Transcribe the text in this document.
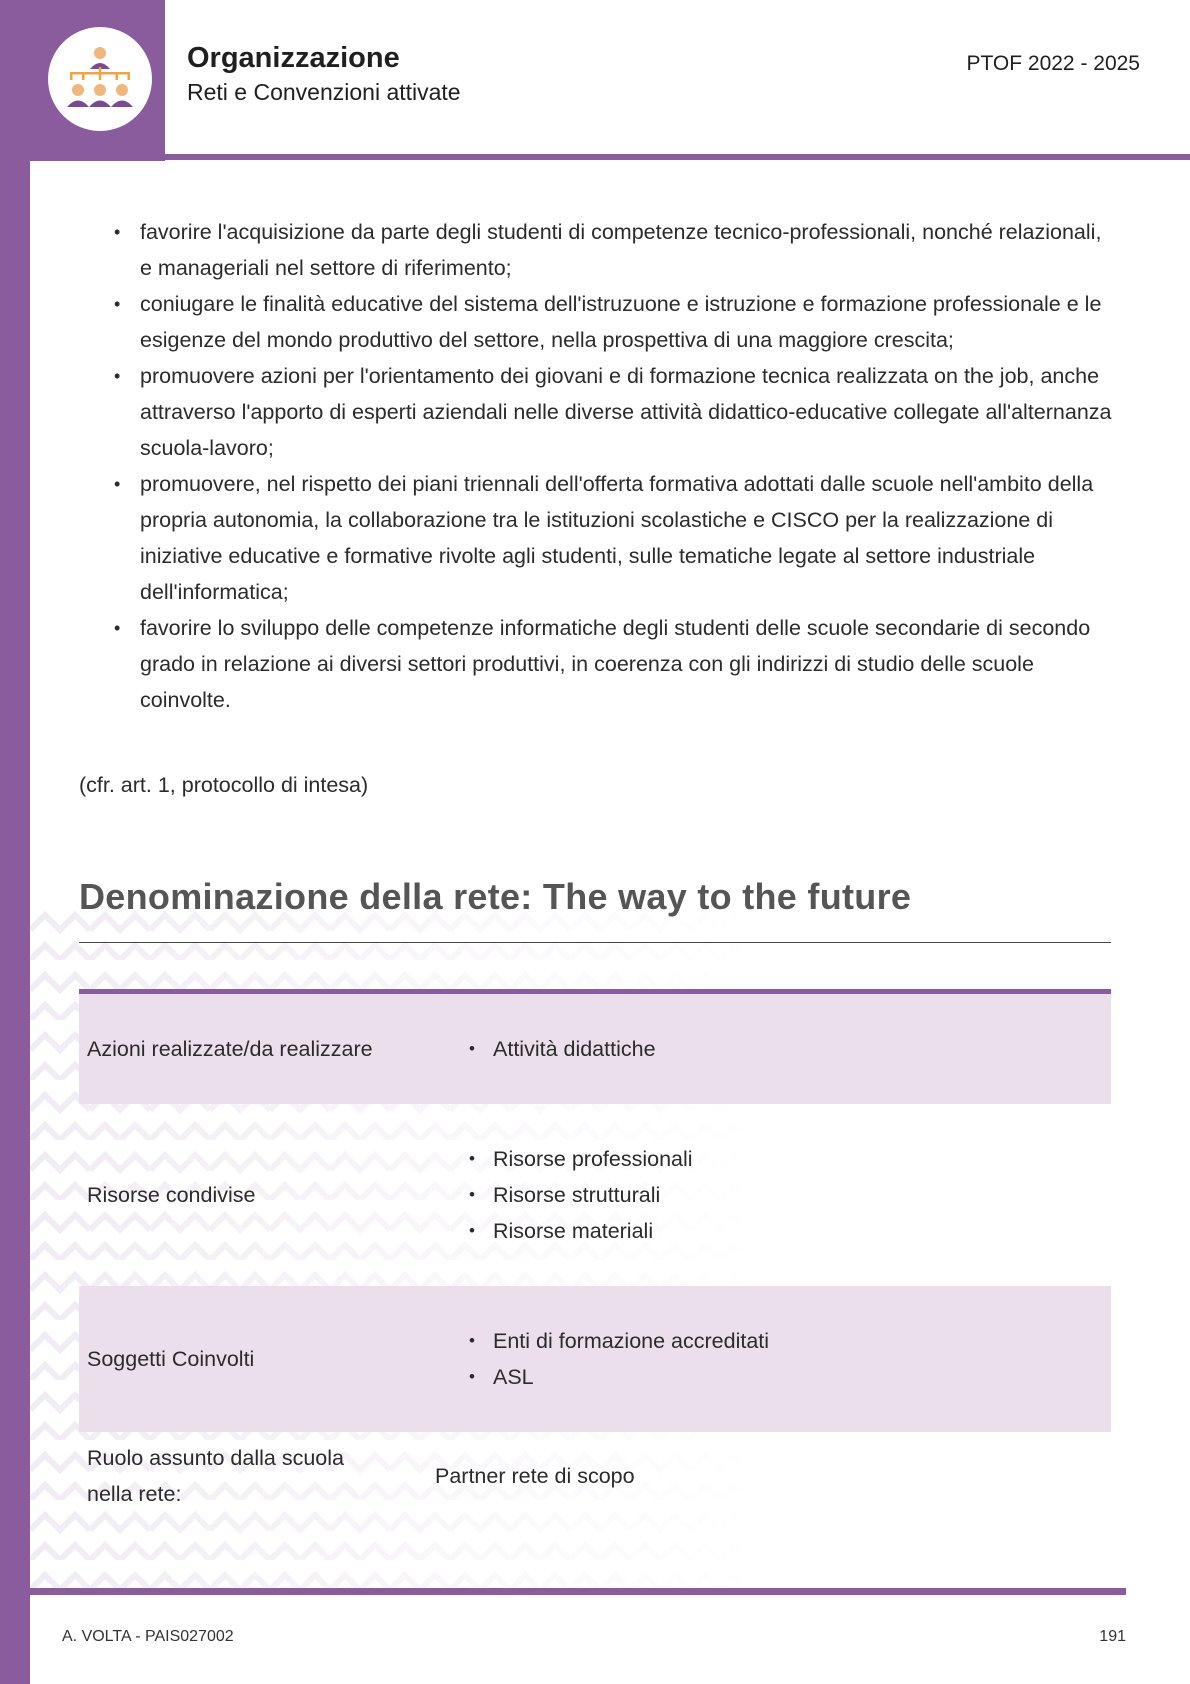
Organizzazione
Reti e Convenzioni attivate
PTOF 2022 - 2025
• favorire l'acquisizione da parte degli studenti di competenze tecnico-professionali, nonché relazionali, e manageriali nel settore di riferimento;
• coniugare le finalità educative del sistema dell'istruzuone e istruzione e formazione professionale e le esigenze del mondo produttivo del settore, nella prospettiva di una maggiore crescita;
• promuovere azioni per l'orientamento dei giovani e di formazione tecnica realizzata on the job, anche attraverso l'apporto di esperti aziendali nelle diverse attività didattico-educative collegate all'alternanza scuola-lavoro;
• promuovere, nel rispetto dei piani triennali dell'offerta formativa adottati dalle scuole nell'ambito della propria autonomia, la collaborazione tra le istituzioni scolastiche e CISCO per la realizzazione di iniziative educative e formative rivolte agli studenti, sulle tematiche legate al settore industriale dell'informatica;
• favorire lo sviluppo delle competenze informatiche degli studenti delle scuole secondarie di secondo grado in relazione ai diversi settori produttivi, in coerenza con gli indirizzi di studio delle scuole coinvolte.
(cfr. art. 1, protocollo di intesa)
Denominazione della rete: The way to the future
Azioni realizzate/da realizzare
•	Attività didattiche
Risorse condivise
• Risorse professionali
• Risorse strutturali
• Risorse materiali
Soggetti Coinvolti
• Enti di formazione accreditati
• ASL
Ruolo assunto dalla scuola
nella rete:
Partner rete di scopo
A. VOLTA - PAIS027002	191
